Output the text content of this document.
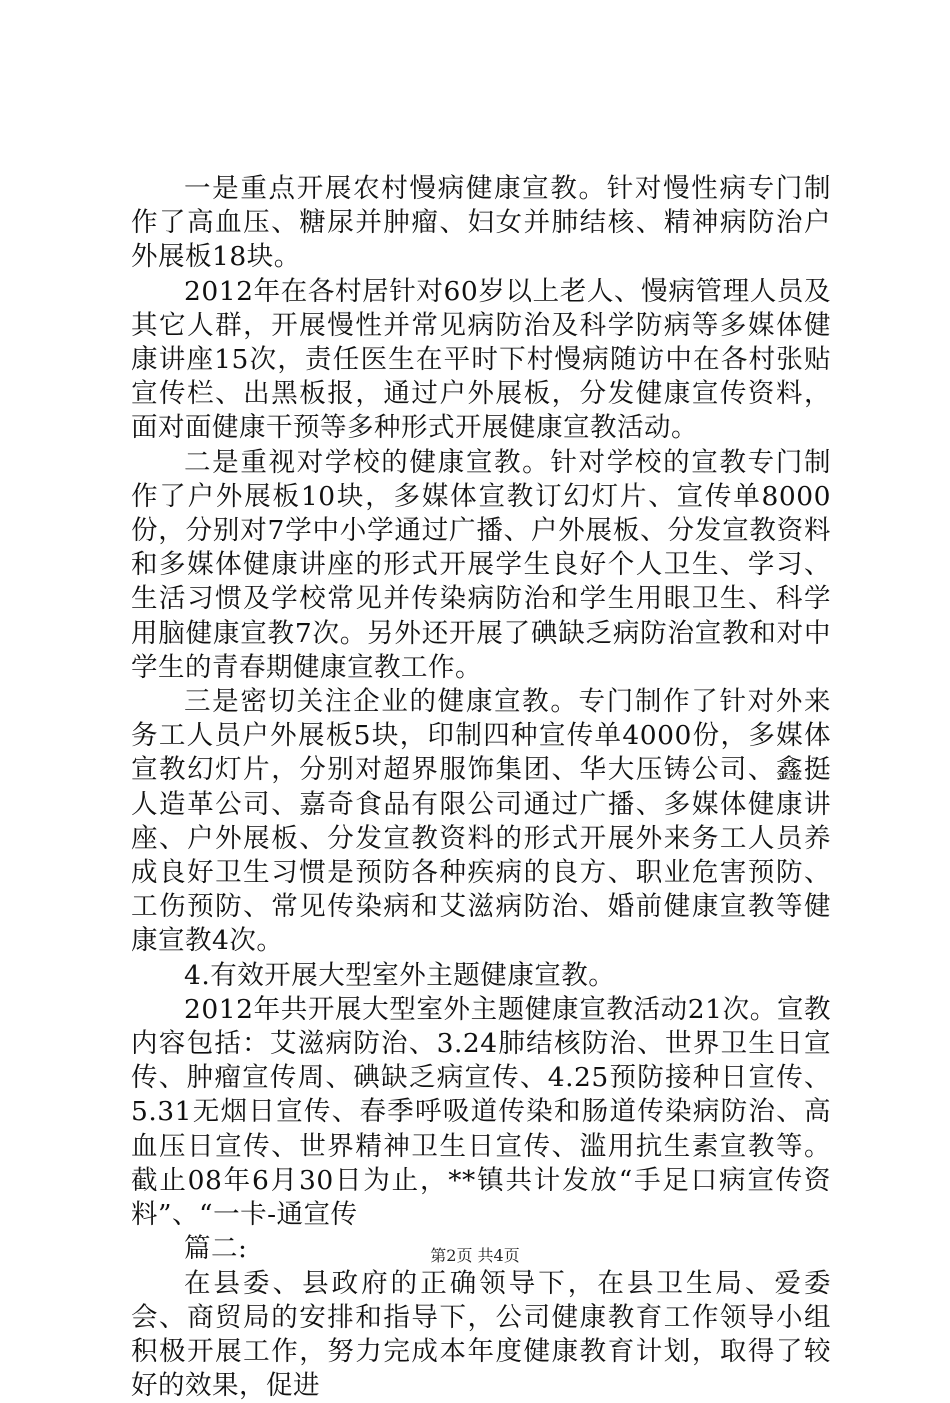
一是重点开展农村慢病健康宣教。针对慢性病专门制作了高血压、糖尿并肿瘤、妇女并肺结核、精神病防治户外展板18块。

2012年在各村居针对60岁以上老人、慢病管理人员及其它人群，开展慢性并常见病防治及科学防病等多媒体健康讲座15次，责任医生在平时下村慢病随访中在各村张贴宣传栏、出黑板报，通过户外展板，分发健康宣传资料，面对面健康干预等多种形式开展健康宣教活动。

二是重视对学校的健康宣教。针对学校的宣教专门制作了户外展板10块，多媒体宣教订幻灯片、宣传单8000份，分别对7学中小学通过广播、户外展板、分发宣教资料和多媒体健康讲座的形式开展学生良好个人卫生、学习、生活习惯及学校常见并传染病防治和学生用眼卫生、科学用脑健康宣教7次。另外还开展了碘缺乏病防治宣教和对中学生的青春期健康宣教工作。

三是密切关注企业的健康宣教。专门制作了针对外来务工人员户外展板5块，印制四种宣传单4000份，多媒体宣教幻灯片，分别对超界服饰集团、华大压铸公司、鑫挺人造革公司、嘉奇食品有限公司通过广播、多媒体健康讲座、户外展板、分发宣教资料的形式开展外来务工人员养成良好卫生习惯是预防各种疾病的良方、职业危害预防、工伤预防、常见传染病和艾滋病防治、婚前健康宣教等健康宣教4次。

4.有效开展大型室外主题健康宣教。

2012年共开展大型室外主题健康宣教活动21次。宣教内容包括：艾滋病防治、3.24肺结核防治、世界卫生日宣传、肿瘤宣传周、碘缺乏病宣传、4.25预防接种日宣传、5.31无烟日宣传、春季呼吸道传染和肠道传染病防治、高血压日宣传、世界精神卫生日宣传、滥用抗生素宣教等。截止08年6月30日为止，**镇共计发放“手足口病宣传资料”、“一卡-通宣传

篇二:

在县委、县政府的正确领导下，在县卫生局、爱委会、商贸局的安排和指导下，公司健康教育工作领导小组积极开展工作，努力完成本年度健康教育计划，取得了较好的效果，促进

第2页 共4页
